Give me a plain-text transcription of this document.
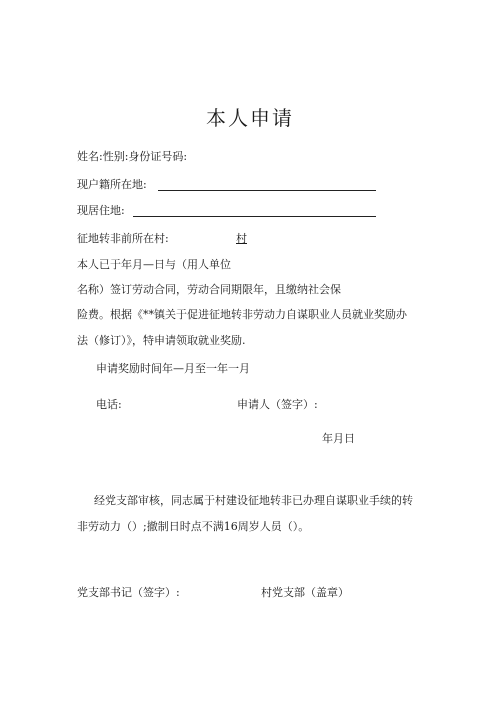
本人申请
姓名:性别:身份证号码:
现户籍所在地:
现居住地:
征地转非前所在村:	村
本人已于年月—日与（用人单位
名称）签订劳动合同，劳动合同期限年，且缴纳社会保
险费。根据《**镇关于促进征地转非劳动力自谋职业人员就业奖励办
法（修订）》，特申请领取就业奖励.
申请奖励时间年—月至一年一月
电话:	申请人（签字）:
年月日
经党支部审核，同志属于村建设征地转非已办理自谋职业手续的转
非劳动力（）;撤制日时点不满16周岁人员（）。
党支部书记（签字）:	村党支部（盖章）
